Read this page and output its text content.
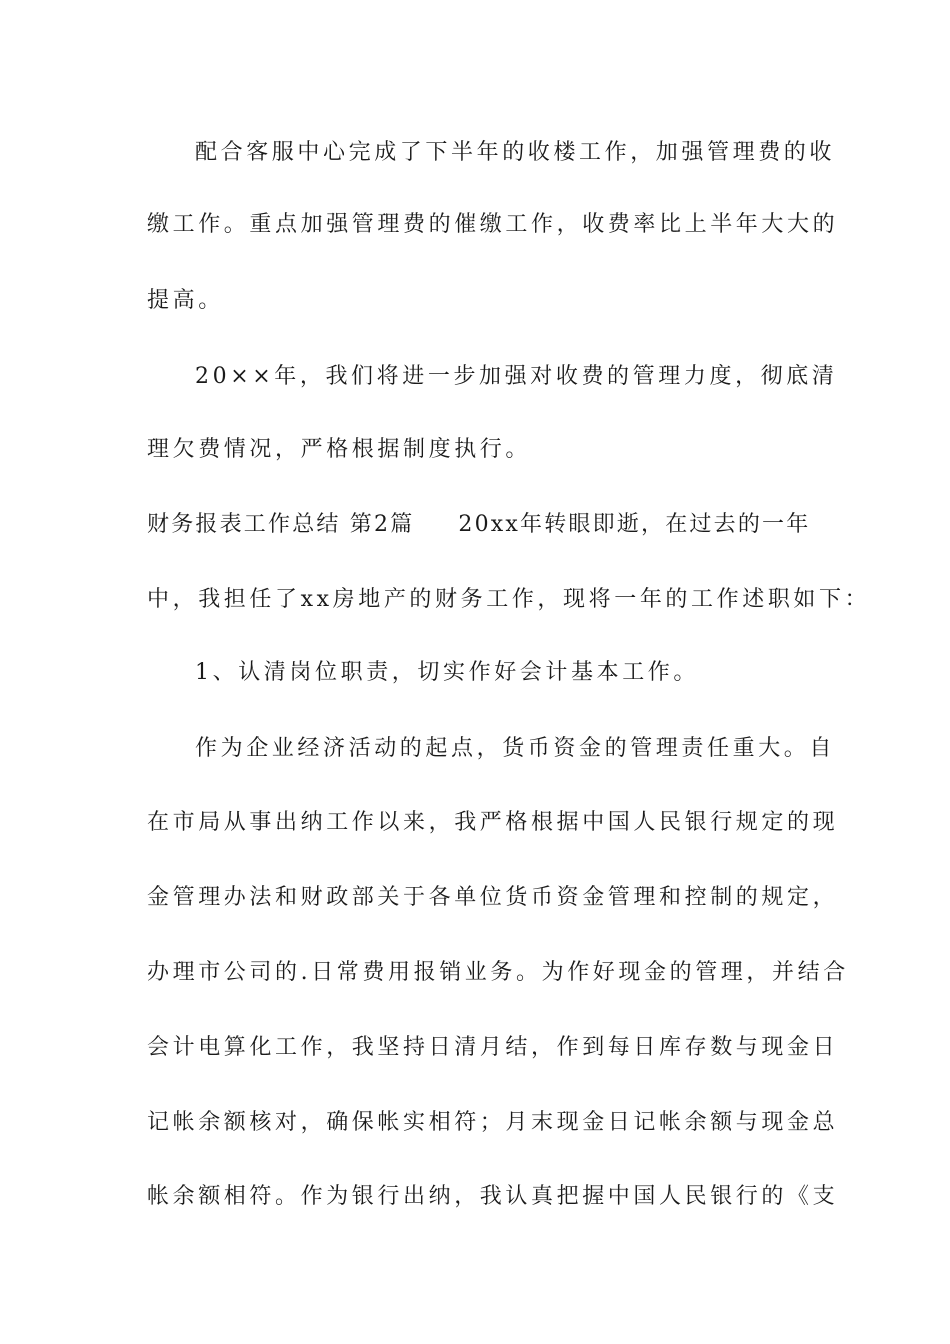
配合客服中心完成了下半年的收楼工作，加强管理费的收
缴工作。重点加强管理费的催缴工作，收费率比上半年大大的
提高。
20××年，我们将进一步加强对收费的管理力度，彻底清
理欠费情况，严格根据制度执行。
财务报表工作总结 第2篇 20xx年转眼即逝，在过去的一年
中，我担任了xx房地产的财务工作，现将一年的工作述职如下：
1、认清岗位职责，切实作好会计基本工作。
作为企业经济活动的起点，货币资金的管理责任重大。自
在市局从事出纳工作以来，我严格根据中国人民银行规定的现
金管理办法和财政部关于各单位货币资金管理和控制的规定，
办理市公司的.日常费用报销业务。为作好现金的管理，并结合
会计电算化工作，我坚持日清月结，作到每日库存数与现金日
记帐余额核对，确保帐实相符；月末现金日记帐余额与现金总
帐余额相符。作为银行出纳，我认真把握中国人民银行的《支
